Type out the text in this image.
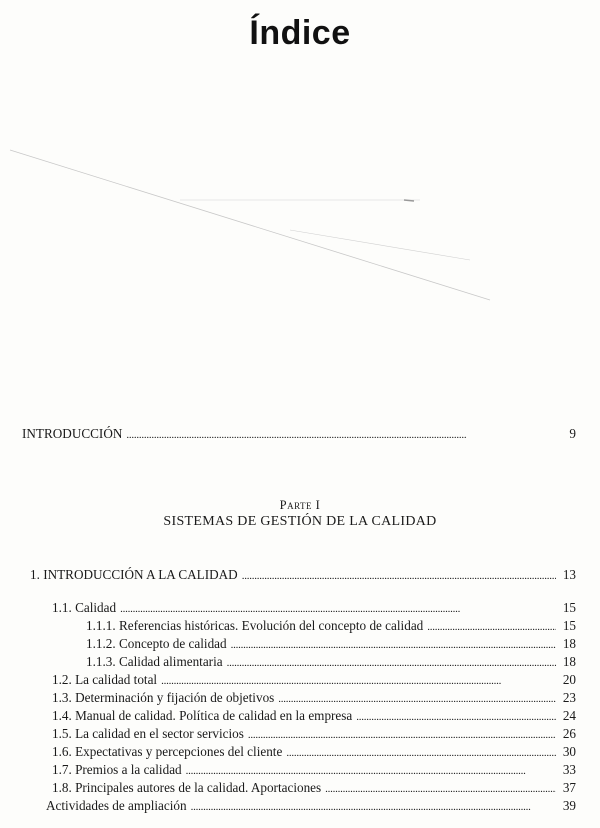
Índice
INTRODUCCIÓN . . .	9
Parte I
SISTEMAS DE GESTIÓN DE LA CALIDAD
1. INTRODUCCIÓN A LA CALIDAD . . .	13
1.1. Calidad . . .	15
1.1.1. Referencias históricas. Evolución del concepto de calidad . . .	15
1.1.2. Concepto de calidad . . .	18
1.1.3. Calidad alimentaria . . .	18
1.2. La calidad total . . .	20
1.3. Determinación y fijación de objetivos . . .	23
1.4. Manual de calidad. Política de calidad en la empresa . . .	24
1.5. La calidad en el sector servicios . . .	26
1.6. Expectativas y percepciones del cliente . . .	30
1.7. Premios a la calidad . . .	33
1.8. Principales autores de la calidad. Aportaciones . . .	37
Actividades de ampliación . . .	39
